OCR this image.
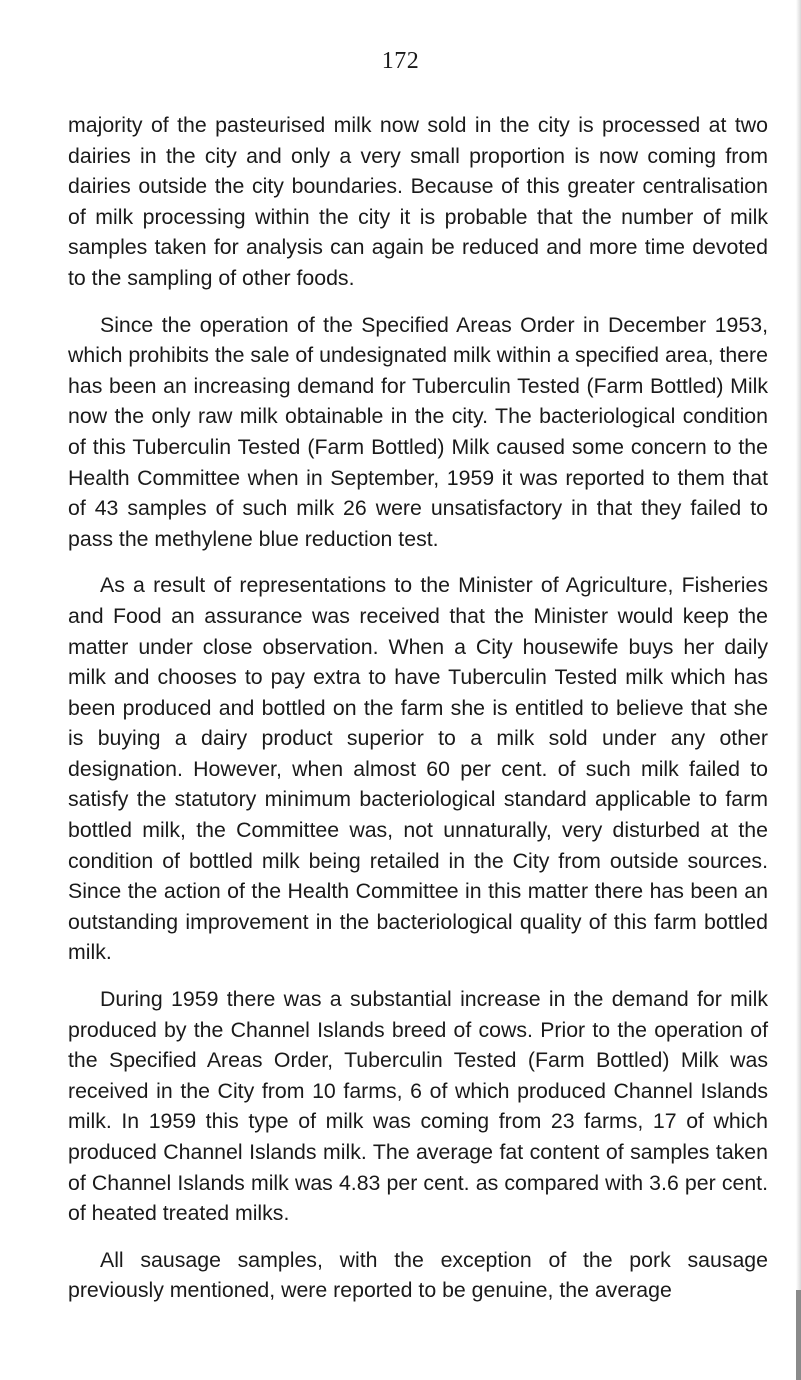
172

majority of the pasteurised milk now sold in the city is processed at two dairies in the city and only a very small proportion is now coming from dairies outside the city boundaries. Because of this greater centralisation of milk processing within the city it is probable that the number of milk samples taken for analysis can again be reduced and more time devoted to the sampling of other foods.

Since the operation of the Specified Areas Order in December 1953, which prohibits the sale of undesignated milk within a specified area, there has been an increasing demand for Tuberculin Tested (Farm Bottled) Milk now the only raw milk obtainable in the city. The bacteriological condition of this Tuberculin Tested (Farm Bottled) Milk caused some concern to the Health Committee when in September, 1959 it was reported to them that of 43 samples of such milk 26 were unsatisfactory in that they failed to pass the methylene blue reduction test.

As a result of representations to the Minister of Agriculture, Fisheries and Food an assurance was received that the Minister would keep the matter under close observation. When a City housewife buys her daily milk and chooses to pay extra to have Tuberculin Tested milk which has been produced and bottled on the farm she is entitled to believe that she is buying a dairy product superior to a milk sold under any other designation. However, when almost 60 per cent. of such milk failed to satisfy the statutory minimum bacteriological standard applicable to farm bottled milk, the Committee was, not unnaturally, very disturbed at the condition of bottled milk being retailed in the City from outside sources. Since the action of the Health Committee in this matter there has been an outstanding improvement in the bacteriological quality of this farm bottled milk.

During 1959 there was a substantial increase in the demand for milk produced by the Channel Islands breed of cows. Prior to the operation of the Specified Areas Order, Tuberculin Tested (Farm Bottled) Milk was received in the City from 10 farms, 6 of which produced Channel Islands milk. In 1959 this type of milk was coming from 23 farms, 17 of which produced Channel Islands milk. The average fat content of samples taken of Channel Islands milk was 4.83 per cent. as compared with 3.6 per cent. of heated treated milks.

All sausage samples, with the exception of the pork sausage previously mentioned, were reported to be genuine, the average
